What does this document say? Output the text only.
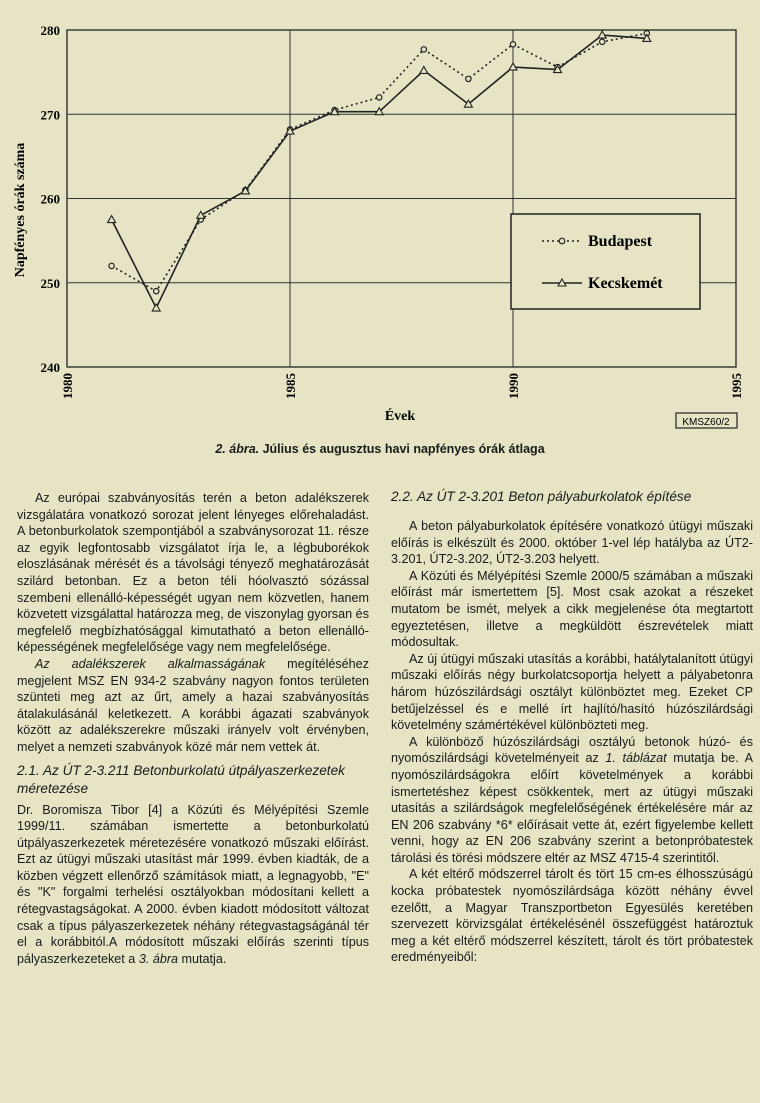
1980	1985	1990	1995
240
250
260
270
280
Napfényes órák száma
Évek
Budapest
Kecskemét
KMSZ60/2
2. ábra. Július és augusztus havi napfényes órák átlaga

Az európai szabványosítás terén a beton adalékszerek vizsgálatára vonatkozó sorozat jelent lényeges előrehaladást. A betonburkolatok szempontjából a szabványsorozat 11. része az egyik legfontosabb vizsgálatot írja le, a légbuborékok eloszlásának mérését és a távolsági tényező meghatározását szilárd betonban. Ez a beton téli hóolvasztó sózással szembeni ellenálló-képességét ugyan nem közvetlen, hanem közvetett vizsgálattal határozza meg, de viszonylag gyorsan és megfelelő megbízhatósággal kimutatható a beton ellenálló-képességének megfelelősége vagy nem megfelelősége.

Az adalékszerek alkalmasságának megítéléséhez megjelent MSZ EN 934-2 szabvány nagyon fontos területen szünteti meg azt az űrt, amely a hazai szabványosítás átalakulásánál keletkezett. A korábbi ágazati szabványok között az adalékszerekre műszaki irányelv volt érvényben, melyet a nemzeti szabványok közé már nem vettek át.

2.1. Az ÚT 2-3.211 Betonburkolatú útpályaszerkezetek méretezése

Dr. Boromisza Tibor [4] a Közúti és Mélyépítési Szemle 1999/11. számában ismertette a betonburkolatú útpályaszerkezetek méretezésére vonatkozó műszaki előírást. Ezt az útügyi műszaki utasítást már 1999. évben kiadták, de a közben végzett ellenőrző számítások miatt, a legnagyobb, "E" és "K" forgalmi terhelési osztályokban módosítani kellett a rétegvastagságokat. A 2000. évben kiadott módosított változat csak a típus pályaszerkezetek néhány rétegvastagságánál tér el a korábbitól.A módosított műszaki előírás szerinti típus pályaszerkezeteket a 3. ábra mutatja.

2.2. Az ÚT 2-3.201 Beton pályaburkolatok építése

A beton pályaburkolatok építésére vonatkozó útügyi műszaki előírás is elkészült és 2000. október 1-vel lép hatályba az ÚT2-3.201, ÚT2-3.202, ÚT2-3.203 helyett.

A Közúti és Mélyépítési Szemle 2000/5 számában a műszaki előírást már ismertettem [5]. Most csak azokat a részeket mutatom be ismét, melyek a cikk megjelenése óta megtartott egyeztetésen, illetve a megküldött észrevételek miatt módosultak.

Az új útügyi műszaki utasítás a korábbi, hatálytalanított útügyi műszaki előírás négy burkolatcsoportja helyett a pályabetonra három húzószilárdsági osztályt különböztet meg. Ezeket CP betűjelzéssel és e mellé írt hajlító/hasító húzószilárdsági követelmény számértékével különbözteti meg.

A különböző húzószilárdsági osztályú betonok húzó- és nyomószilárdsági követelményeit az 1. táblázat mutatja be. A nyomószilárdságokra előírt követelmények a korábbi ismertetéshez képest csökkentek, mert az útügyi műszaki utasítás a szilárdságok megfelelőségének értékelésére már az EN 206 szabvány *6* előírásait vette át, ezért figyelembe kellett venni, hogy az EN 206 szabvány szerint a betonpróbatestek tárolási és törési módszere eltér az MSZ 4715-4 szerintitől.

A két eltérő módszerrel tárolt és tört 15 cm-es élhosszúságú kocka próbatestek nyomószilárdsága között néhány évvel ezelőtt, a Magyar Transzportbeton Egyesülés keretében szervezett körvizsgálat értékelésénél összefüggést határoztuk meg a két eltérő módszerrel készített, tárolt és tört próbatestek eredményeiből:
